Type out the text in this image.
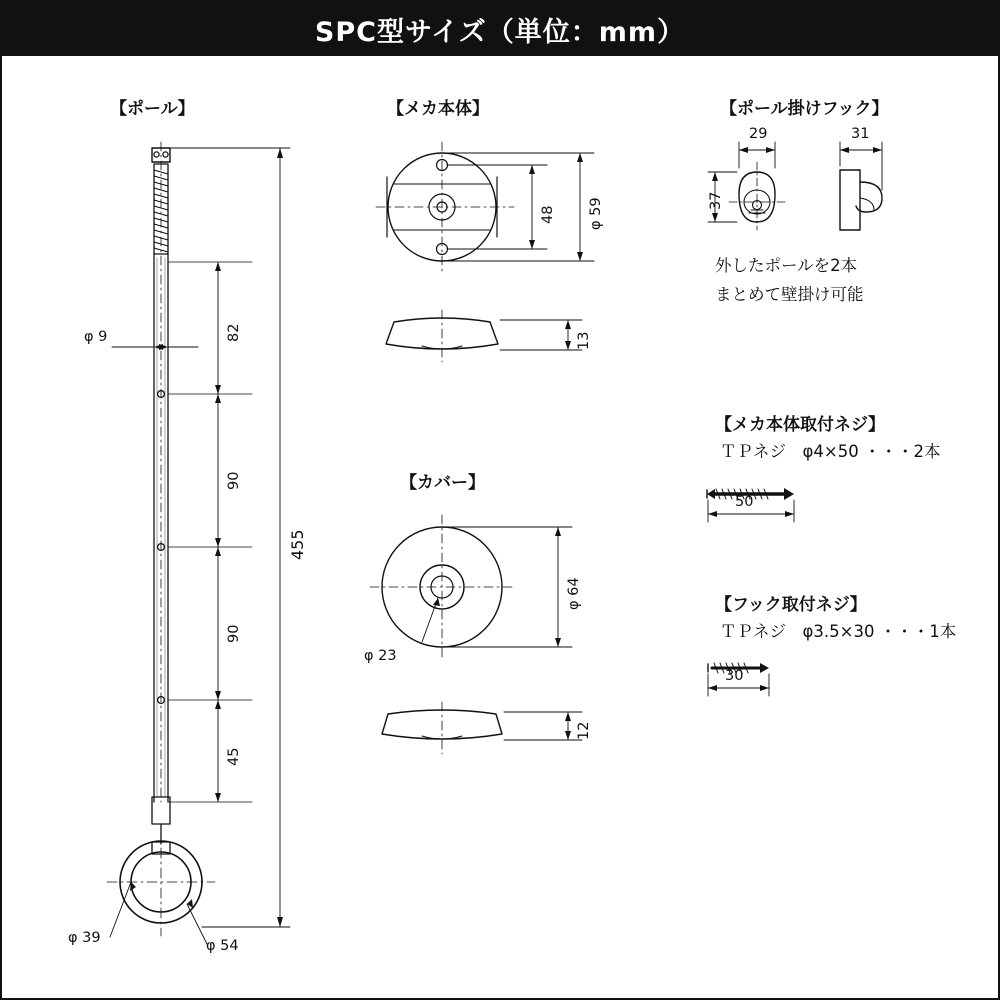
SPC型サイズ（単位：mm）
【ポール】
φ 9	82
90
90
45
455
φ 39	φ 54
【メカ本体】
48 φ 59
13
【カバー】
φ 64
φ 23
12
【ポール掛けフック】
29	31
37
外したポールを2本
まとめて壁掛け可能
【メカ本体取付ネジ】
ＴＰネジ　φ4×50 ・・・2本
50
【フック取付ネジ】
ＴＰネジ　φ3.5×30 ・・・1本
30
